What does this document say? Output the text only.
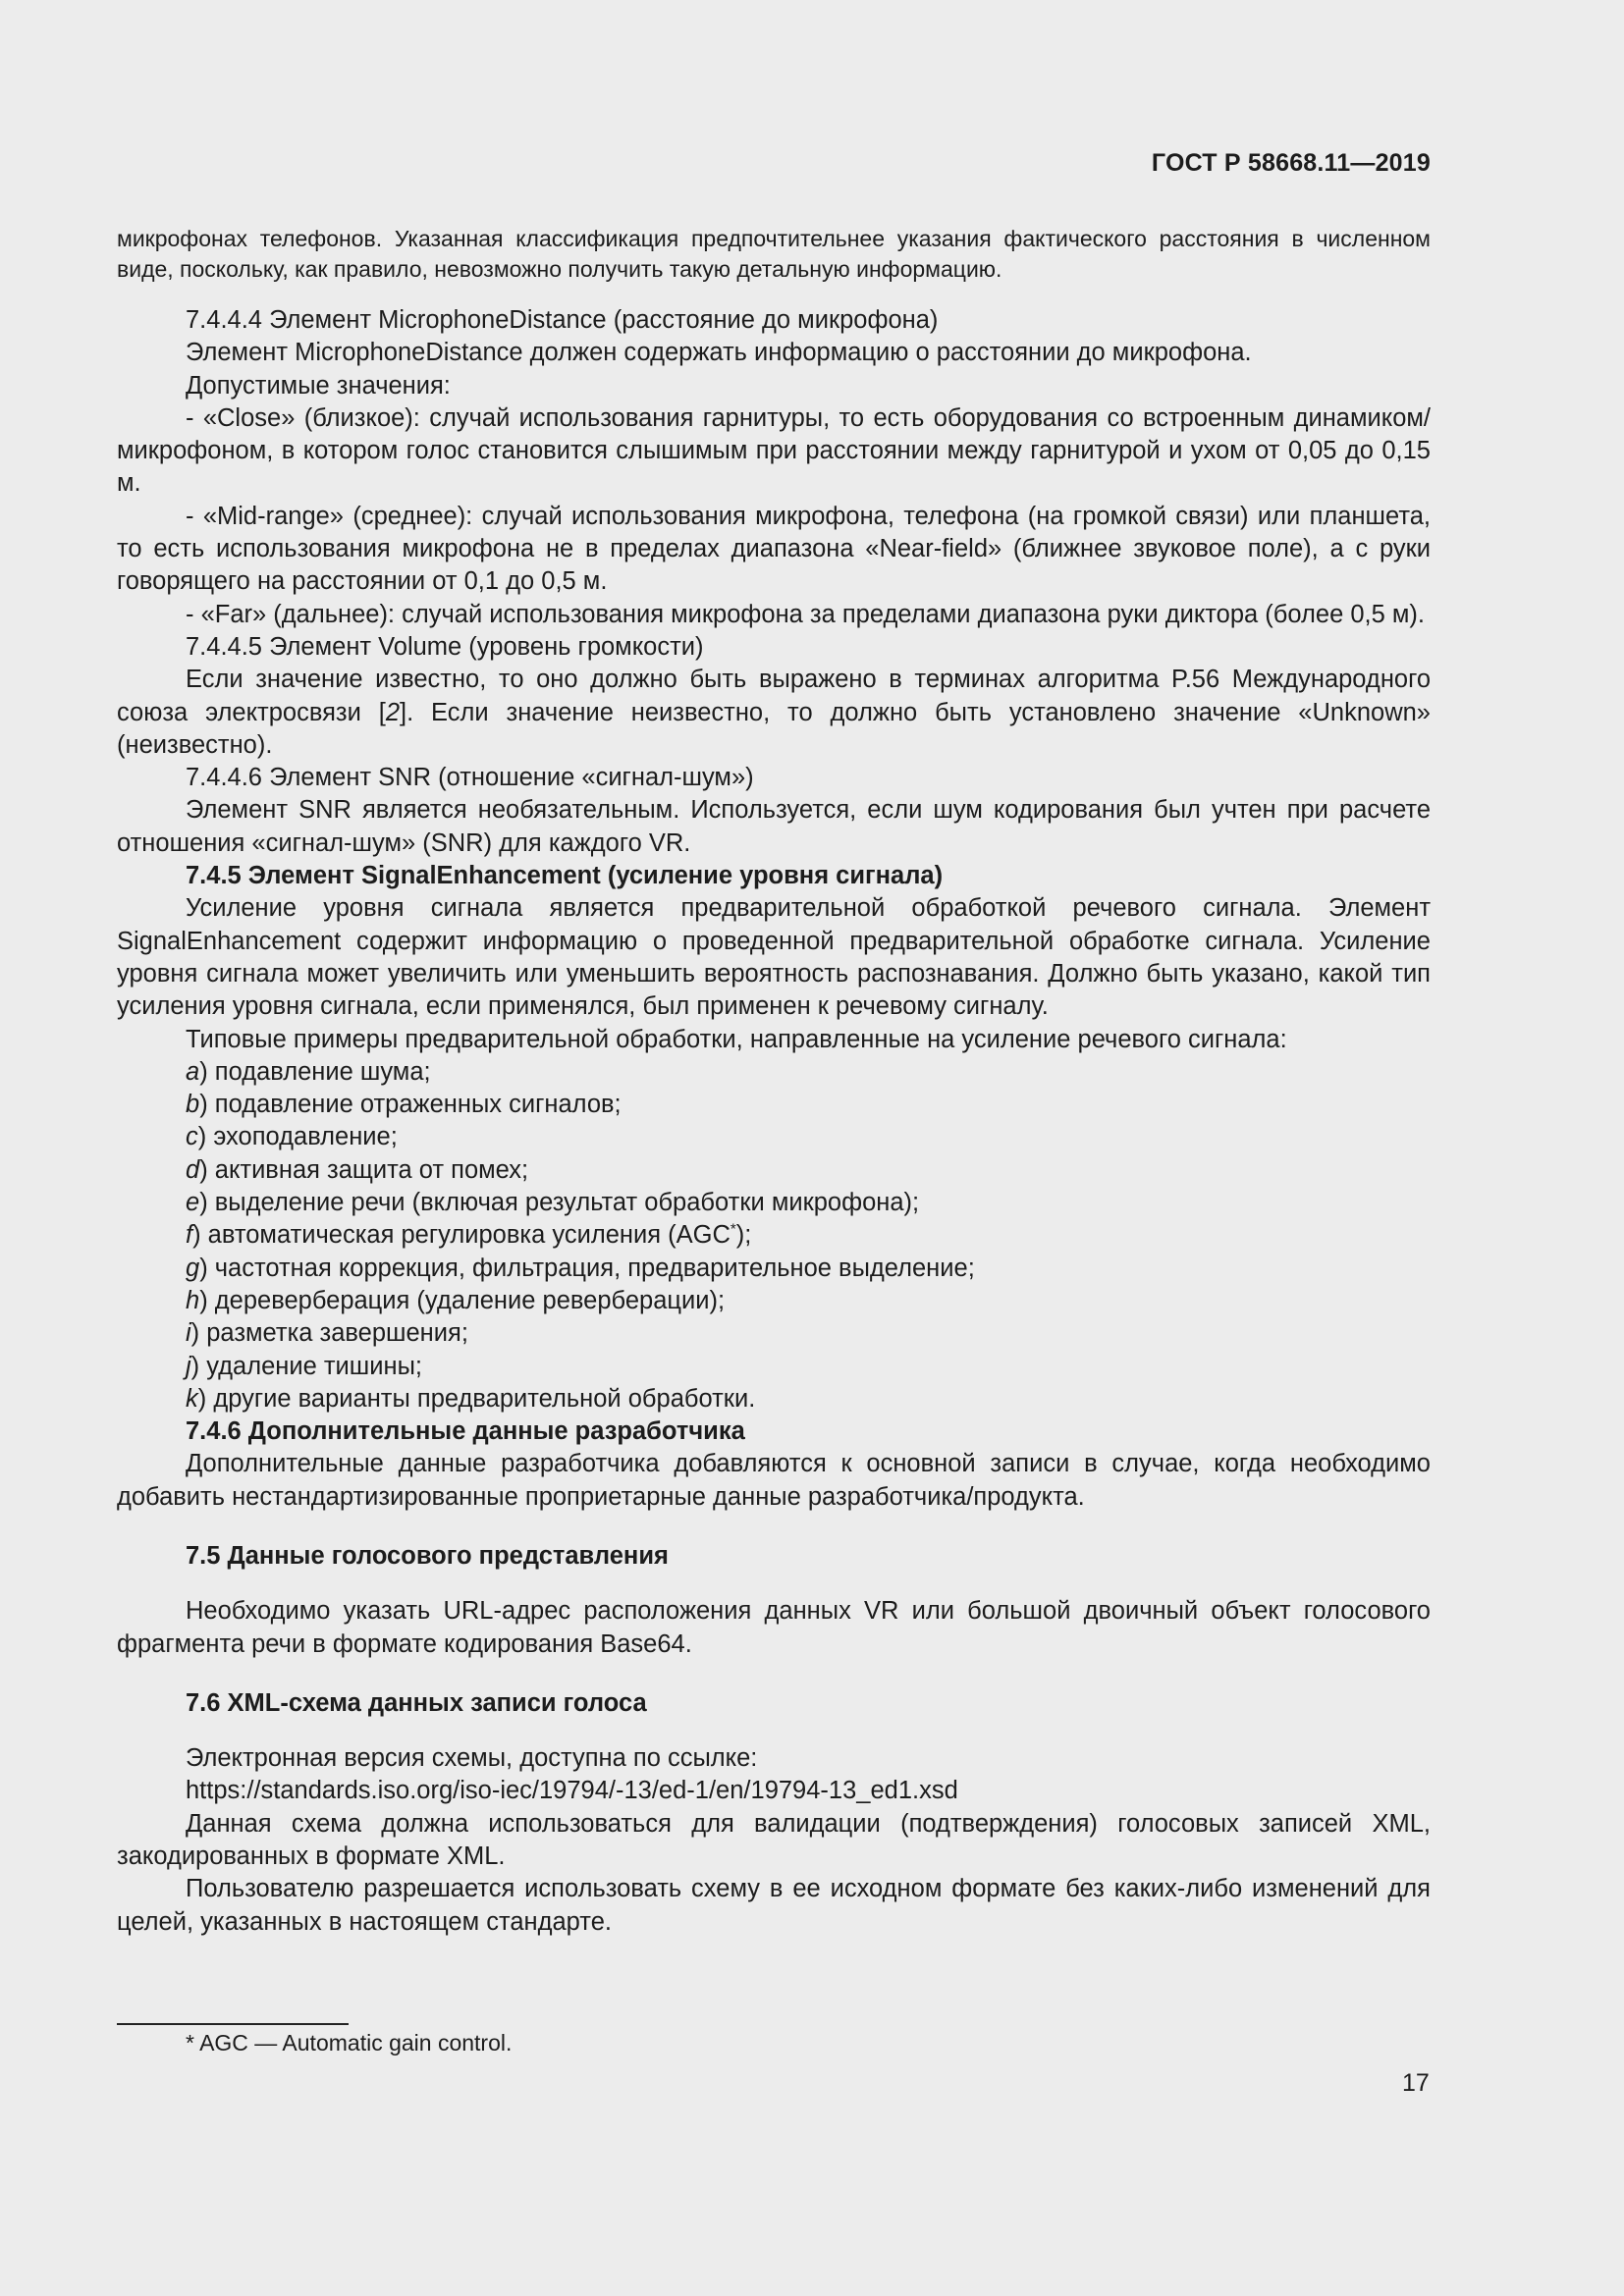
ГОСТ Р 58668.11—2019
микрофонах телефонов. Указанная классификация предпочтительнее указания фактического расстояния в численном виде, поскольку, как правило, невозможно получить такую детальную информацию.
7.4.4.4 Элемент MicrophoneDistance (расстояние до микрофона)
Элемент MicrophoneDistance должен содержать информацию о расстоянии до микрофона.
Допустимые значения:
- «Close» (близкое): случай использования гарнитуры, то есть оборудования со встроенным динамиком/микрофоном, в котором голос становится слышимым при расстоянии между гарнитурой и ухом от 0,05 до 0,15 м.
- «Mid-range» (среднее): случай использования микрофона, телефона (на громкой связи) или планшета, то есть использования микрофона не в пределах диапазона «Near-field» (ближнее звуковое поле), а с руки говорящего на расстоянии от 0,1 до 0,5 м.
- «Far» (дальнее): случай использования микрофона за пределами диапазона руки диктора (более 0,5 м).
7.4.4.5 Элемент Volume (уровень громкости)
Если значение известно, то оно должно быть выражено в терминах алгоритма P.56 Международного союза электросвязи [2]. Если значение неизвестно, то должно быть установлено значение «Unknown» (неизвестно).
7.4.4.6 Элемент SNR (отношение «сигнал-шум»)
Элемент SNR является необязательным. Используется, если шум кодирования был учтен при расчете отношения «сигнал-шум» (SNR) для каждого VR.
7.4.5 Элемент SignalEnhancement (усиление уровня сигнала)
Усиление уровня сигнала является предварительной обработкой речевого сигнала. Элемент SignalEnhancement содержит информацию о проведенной предварительной обработке сигнала. Усиление уровня сигнала может увеличить или уменьшить вероятность распознавания. Должно быть указано, какой тип усиления уровня сигнала, если применялся, был применен к речевому сигналу.
Типовые примеры предварительной обработки, направленные на усиление речевого сигнала:
a) подавление шума;
b) подавление отраженных сигналов;
c) эхоподавление;
d) активная защита от помех;
e) выделение речи (включая результат обработки микрофона);
f) автоматическая регулировка усиления (AGC*);
g) частотная коррекция, фильтрация, предварительное выделение;
h) дереверберация (удаление реверберации);
i) разметка завершения;
j) удаление тишины;
k) другие варианты предварительной обработки.
7.4.6 Дополнительные данные разработчика
Дополнительные данные разработчика добавляются к основной записи в случае, когда необходимо добавить нестандартизированные проприетарные данные разработчика/продукта.
7.5 Данные голосового представления
Необходимо указать URL-адрес расположения данных VR или большой двоичный объект голосового фрагмента речи в формате кодирования Base64.
7.6 XML-схема данных записи голоса
Электронная версия схемы, доступна по ссылке:
https://standards.iso.org/iso-iec/19794/-13/ed-1/en/19794-13_ed1.xsd
Данная схема должна использоваться для валидации (подтверждения) голосовых записей XML, закодированных в формате XML.
Пользователю разрешается использовать схему в ее исходном формате без каких-либо изменений для целей, указанных в настоящем стандарте.
* AGC — Automatic gain control.
17
